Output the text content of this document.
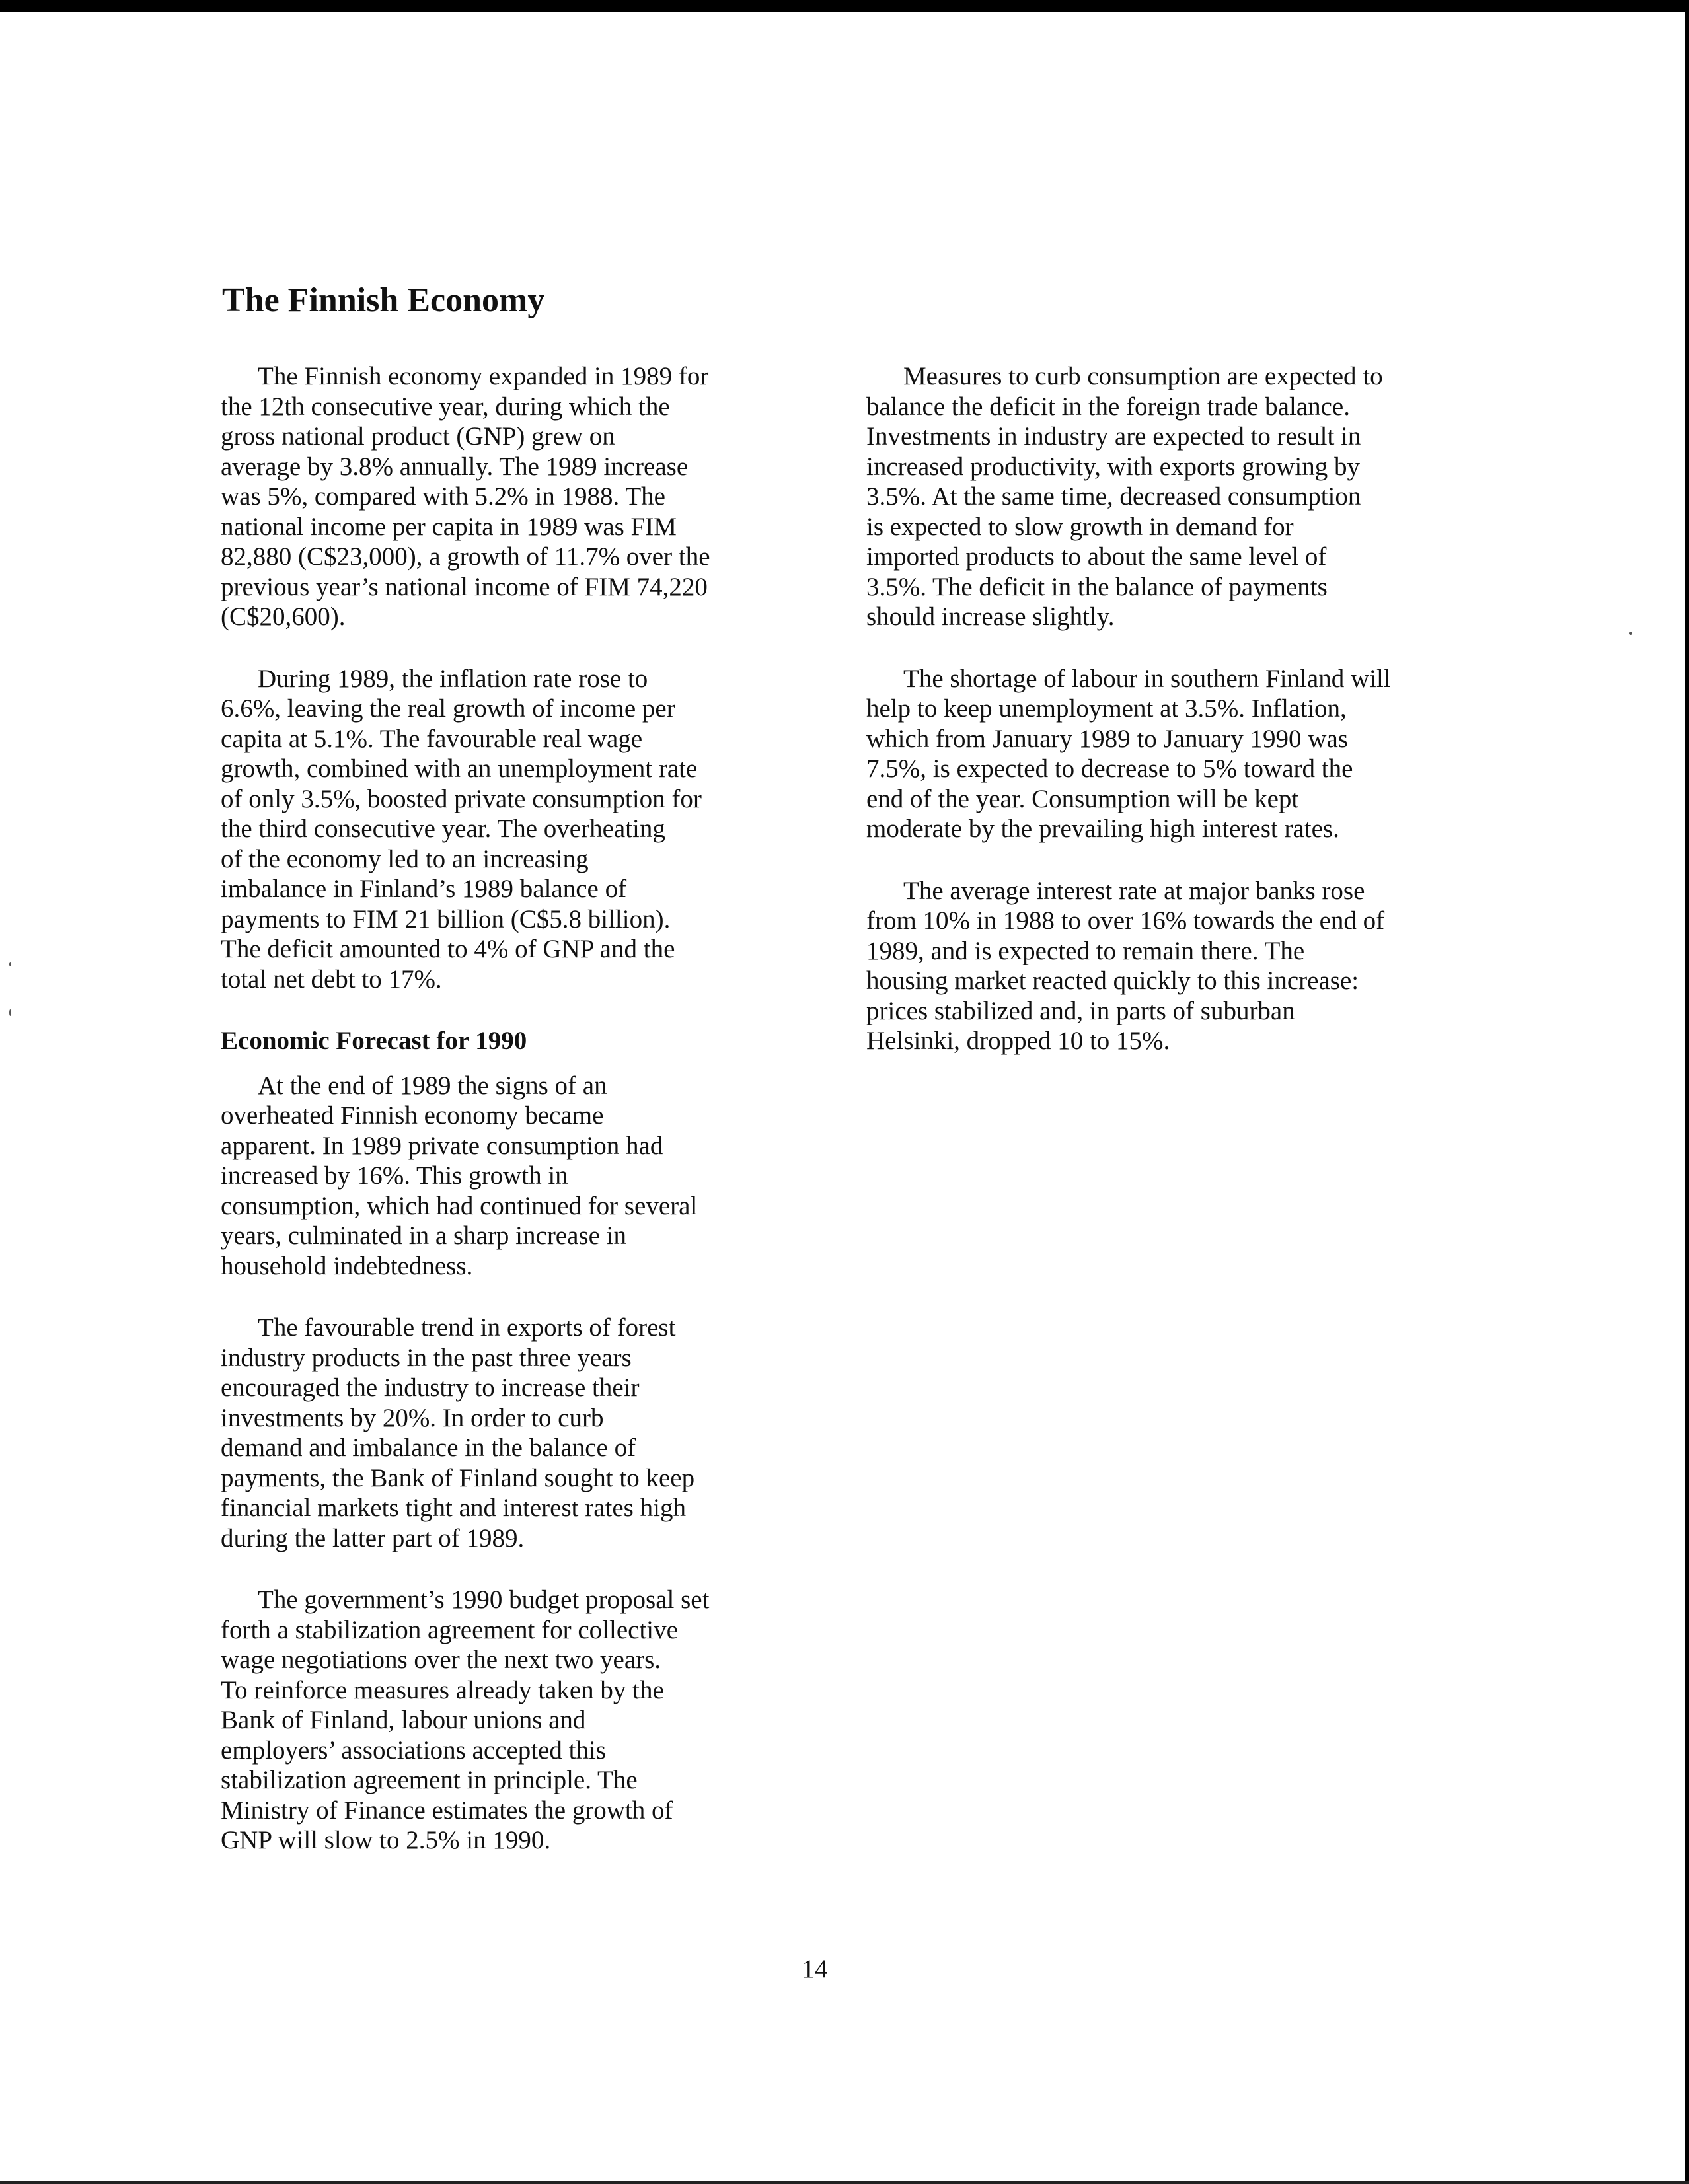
The Finnish Economy

The Finnish economy expanded in 1989 for
the 12th consecutive year, during which the
gross national product (GNP) grew on
average by 3.8% annually. The 1989 increase
was 5%, compared with 5.2% in 1988. The
national income per capita in 1989 was FIM
82,880 (C$23,000), a growth of 11.7% over the
previous year’s national income of FIM 74,220
(C$20,600).

During 1989, the inflation rate rose to
6.6%, leaving the real growth of income per
capita at 5.1%. The favourable real wage
growth, combined with an unemployment rate
of only 3.5%, boosted private consumption for
the third consecutive year. The overheating
of the economy led to an increasing
imbalance in Finland’s 1989 balance of
payments to FIM 21 billion (C$5.8 billion).
The deficit amounted to 4% of GNP and the
total net debt to 17%.

Economic Forecast for 1990

At the end of 1989 the signs of an
overheated Finnish economy became
apparent. In 1989 private consumption had
increased by 16%. This growth in
consumption, which had continued for several
years, culminated in a sharp increase in
household indebtedness.

The favourable trend in exports of forest
industry products in the past three years
encouraged the industry to increase their
investments by 20%. In order to curb
demand and imbalance in the balance of
payments, the Bank of Finland sought to keep
financial markets tight and interest rates high
during the latter part of 1989.

The government’s 1990 budget proposal set
forth a stabilization agreement for collective
wage negotiations over the next two years.
To reinforce measures already taken by the
Bank of Finland, labour unions and
employers’ associations accepted this
stabilization agreement in principle. The
Ministry of Finance estimates the growth of
GNP will slow to 2.5% in 1990.

Measures to curb consumption are expected to
balance the deficit in the foreign trade balance.
Investments in industry are expected to result in
increased productivity, with exports growing by
3.5%. At the same time, decreased consumption
is expected to slow growth in demand for
imported products to about the same level of
3.5%. The deficit in the balance of payments
should increase slightly.

The shortage of labour in southern Finland will
help to keep unemployment at 3.5%. Inflation,
which from January 1989 to January 1990 was
7.5%, is expected to decrease to 5% toward the
end of the year. Consumption will be kept
moderate by the prevailing high interest rates.

The average interest rate at major banks rose
from 10% in 1988 to over 16% towards the end of
1989, and is expected to remain there. The
housing market reacted quickly to this increase:
prices stabilized and, in parts of suburban
Helsinki, dropped 10 to 15%.

14
